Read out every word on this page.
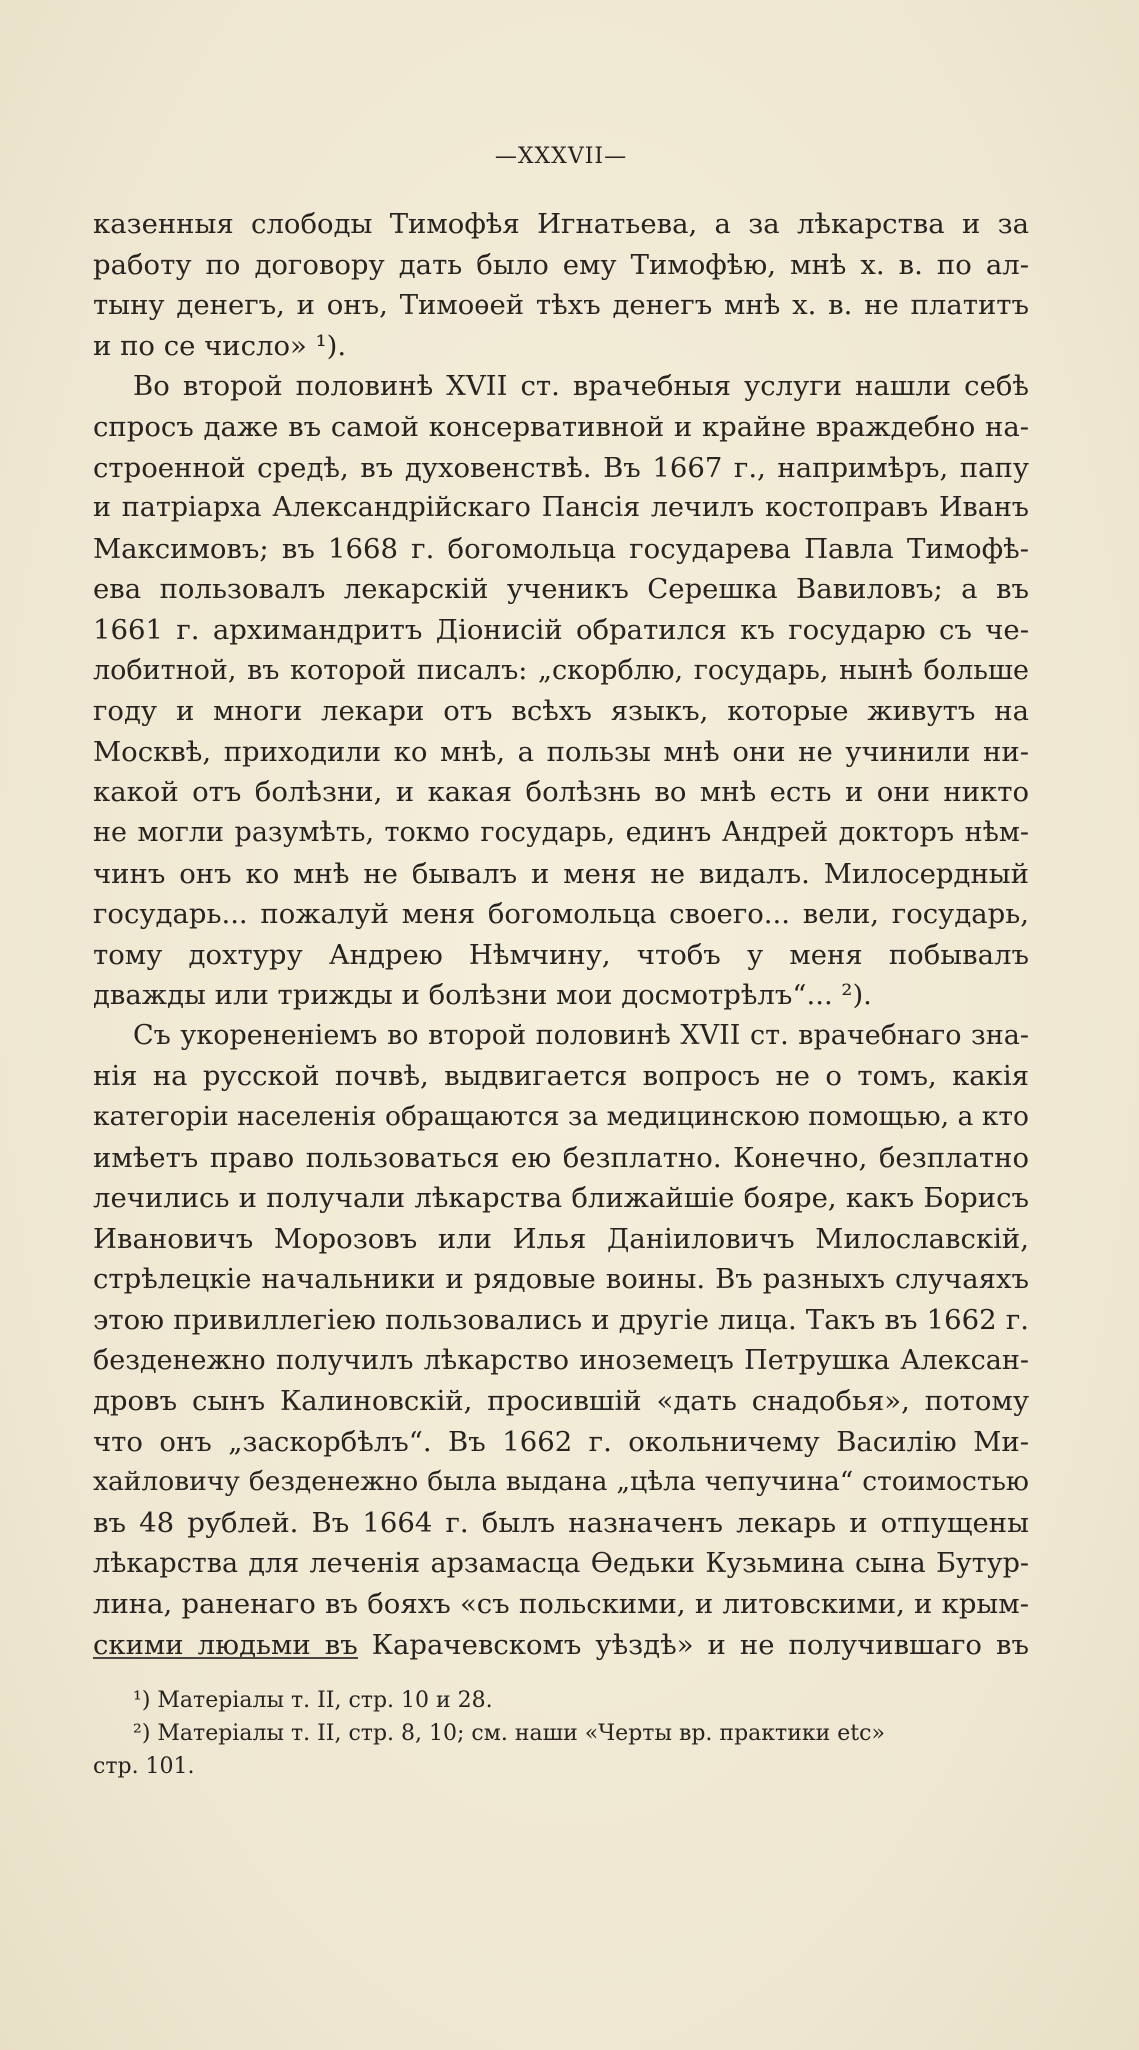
—XXXVII—
казенныя слободы Тимофѣя Игнатьева, а за лѣкарства и за
работу по договору дать было ему Тимофѣю, мнѣ х. в. по ал-
тыну денегъ, и онъ, Тимоѳей тѣхъ денегъ мнѣ х. в. не платитъ
и по се число» ¹).
Во второй половинѣ XVII ст. врачебныя услуги нашли себѣ
спросъ даже въ самой консервативной и крайне враждебно на-
строенной средѣ, въ духовенствѣ. Въ 1667 г., напримѣръ, папу
и патріарха Александрійскаго Пансія лечилъ костоправъ Иванъ
Максимовъ; въ 1668 г. богомольца государева Павла Тимофѣ-
ева пользовалъ лекарскій ученикъ Серешка Вавиловъ; а въ
1661 г. архимандритъ Діонисій обратился къ государю съ че-
лобитной, въ которой писалъ: „скорблю, государь, нынѣ больше
году и многи лекари отъ всѣхъ языкъ, которые живутъ на
Москвѣ, приходили ко мнѣ, а пользы мнѣ они не учинили ни-
какой отъ болѣзни, и какая болѣзнь во мнѣ есть и они никто
не могли разумѣть, токмо государь, единъ Андрей докторъ нѣм-
чинъ онъ ко мнѣ не бывалъ и меня не видалъ. Милосердный
государь... пожалуй меня богомольца своего... вели, государь,
тому дохтуру Андрею Нѣмчину, чтобъ у меня побывалъ
дважды или трижды и болѣзни мои досмотрѣлъ“... ²).
Съ укорененіемъ во второй половинѣ XVII ст. врачебнаго зна-
нія на русской почвѣ, выдвигается вопросъ не о томъ, какія
категоріи населенія обращаются за медицинскою помощью, а кто
имѣетъ право пользоваться ею безплатно. Конечно, безплатно
лечились и получали лѣкарства ближайшіе бояре, какъ Борисъ
Ивановичъ Морозовъ или Илья Даніиловичъ Милославскій,
стрѣлецкіе начальники и рядовые воины. Въ разныхъ случаяхъ
этою привиллегіею пользовались и другіе лица. Такъ въ 1662 г.
безденежно получилъ лѣкарство иноземецъ Петрушка Алексан-
дровъ сынъ Калиновскій, просившій «дать снадобья», потому
что онъ „заскорбѣлъ“. Въ 1662 г. окольничему Василію Ми-
хайловичу безденежно была выдана „цѣла чепучина“ стоимостью
въ 48 рублей. Въ 1664 г. былъ назначенъ лекарь и отпущены
лѣкарства для леченія арзамасца Ѳедьки Кузьмина сына Бутур-
лина, раненаго въ бояхъ «съ польскими, и литовскими, и крым-
скими людьми въ Карачевскомъ уѣздѣ» и не получившаго въ
¹) Матеріалы т. II, стр. 10 и 28.
²) Матеріалы т. II, стр. 8, 10; см. наши «Черты вр. практики etc»
стр. 101.
